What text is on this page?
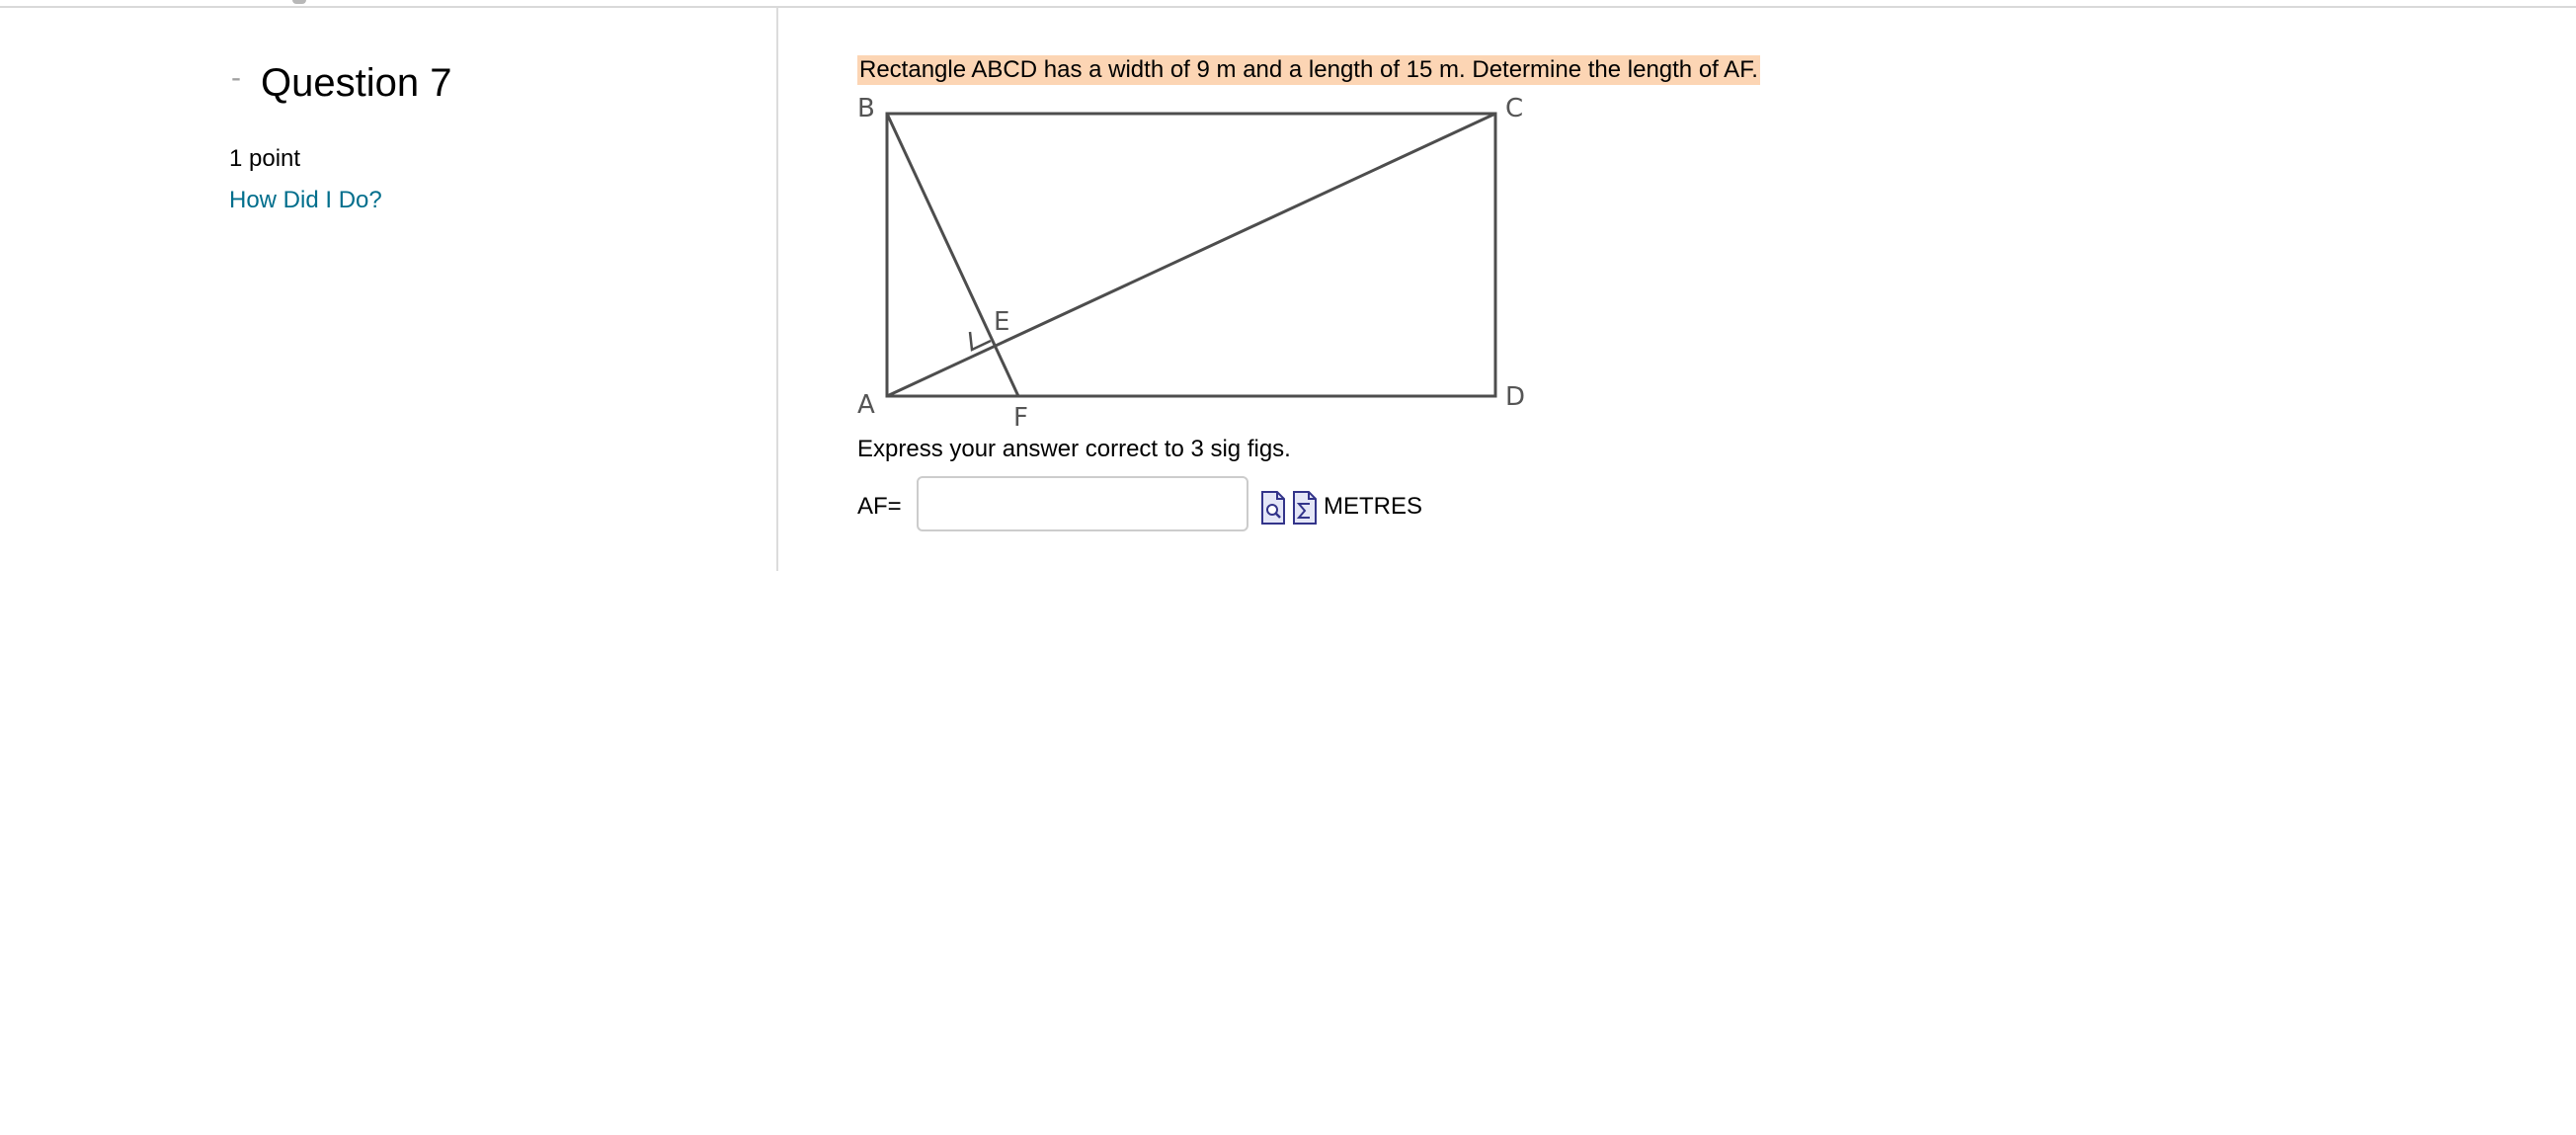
- Question 7
1 point
How Did I Do?
Rectangle ABCD has a width of 9 m and a length of 15 m. Determine the length of AF.
A
B	C
D
E
F
Express your answer correct to 3 sig figs.
AF=	METRES
